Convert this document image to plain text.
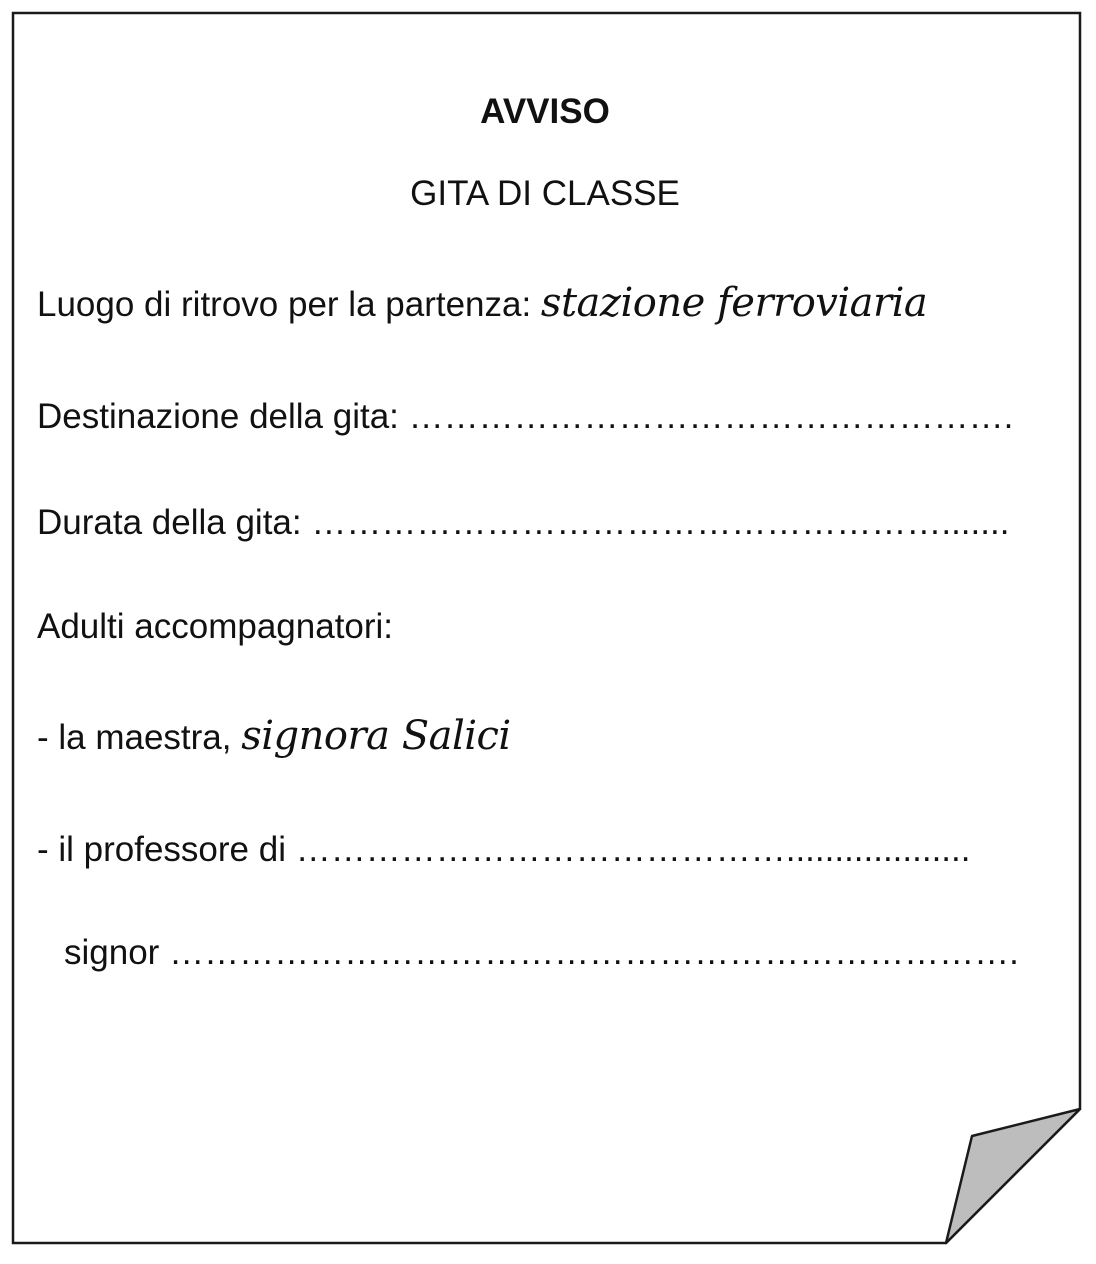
AVVISO
GITA DI CLASSE
Luogo di ritrovo per la partenza: stazione ferroviaria
Destinazione della gita: …………………………………………….
Durata della gita: ……………………………………………….......
Adulti accompagnatori:
- la maestra, signora Salici
- il professore di ……………………………………...................
signor ……………………………………………………………….
